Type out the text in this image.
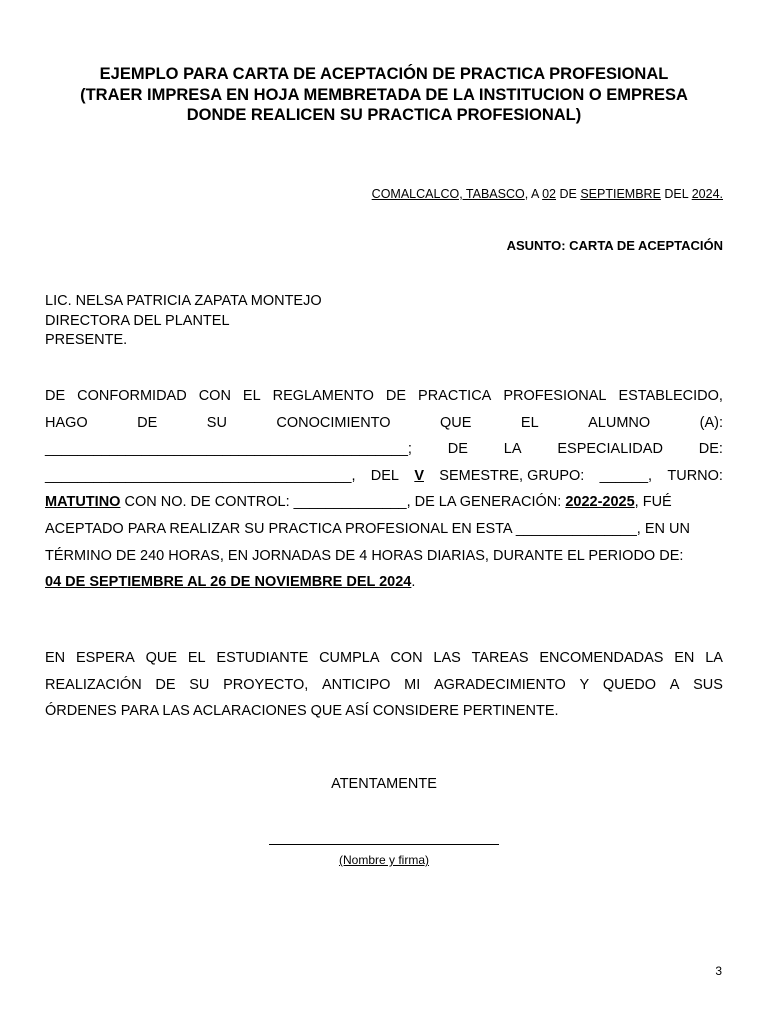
EJEMPLO PARA CARTA DE ACEPTACIÓN DE PRACTICA PROFESIONAL
(TRAER IMPRESA EN HOJA MEMBRETADA DE LA INSTITUCION O EMPRESA
DONDE REALICEN SU PRACTICA PROFESIONAL)
COMALCALCO, TABASCO, A 02 DE SEPTIEMBRE DEL 2024.
ASUNTO: CARTA DE ACEPTACIÓN
LIC. NELSA PATRICIA ZAPATA MONTEJO
DIRECTORA DEL PLANTEL
PRESENTE.
DE CONFORMIDAD CON EL REGLAMENTO DE PRACTICA PROFESIONAL ESTABLECIDO,
HAGO	DE	SU	CONOCIMIENTO	QUE	EL	ALUMNO	(A):
_____________________________________________; DE LA ESPECIALIDAD DE:
______________________________________, DEL V SEMESTRE, GRUPO: ______, TURNO:
MATUTINO CON NO. DE CONTROL: ______________, DE LA GENERACIÓN: 2022-2025, FUÉ
ACEPTADO PARA REALIZAR SU PRACTICA PROFESIONAL EN ESTA _______________, EN UN
TÉRMINO DE 240 HORAS, EN JORNADAS DE 4 HORAS DIARIAS, DURANTE EL PERIODO DE:
04 DE SEPTIEMBRE AL 26 DE NOVIEMBRE DEL 2024.
EN ESPERA QUE EL ESTUDIANTE CUMPLA CON LAS TAREAS ENCOMENDADAS EN LA
REALIZACIÓN DE SU PROYECTO, ANTICIPO MI AGRADECIMIENTO Y QUEDO A SUS
ÓRDENES PARA LAS ACLARACIONES QUE ASÍ CONSIDERE PERTINENTE.
ATENTAMENTE
(Nombre y firma)
3
